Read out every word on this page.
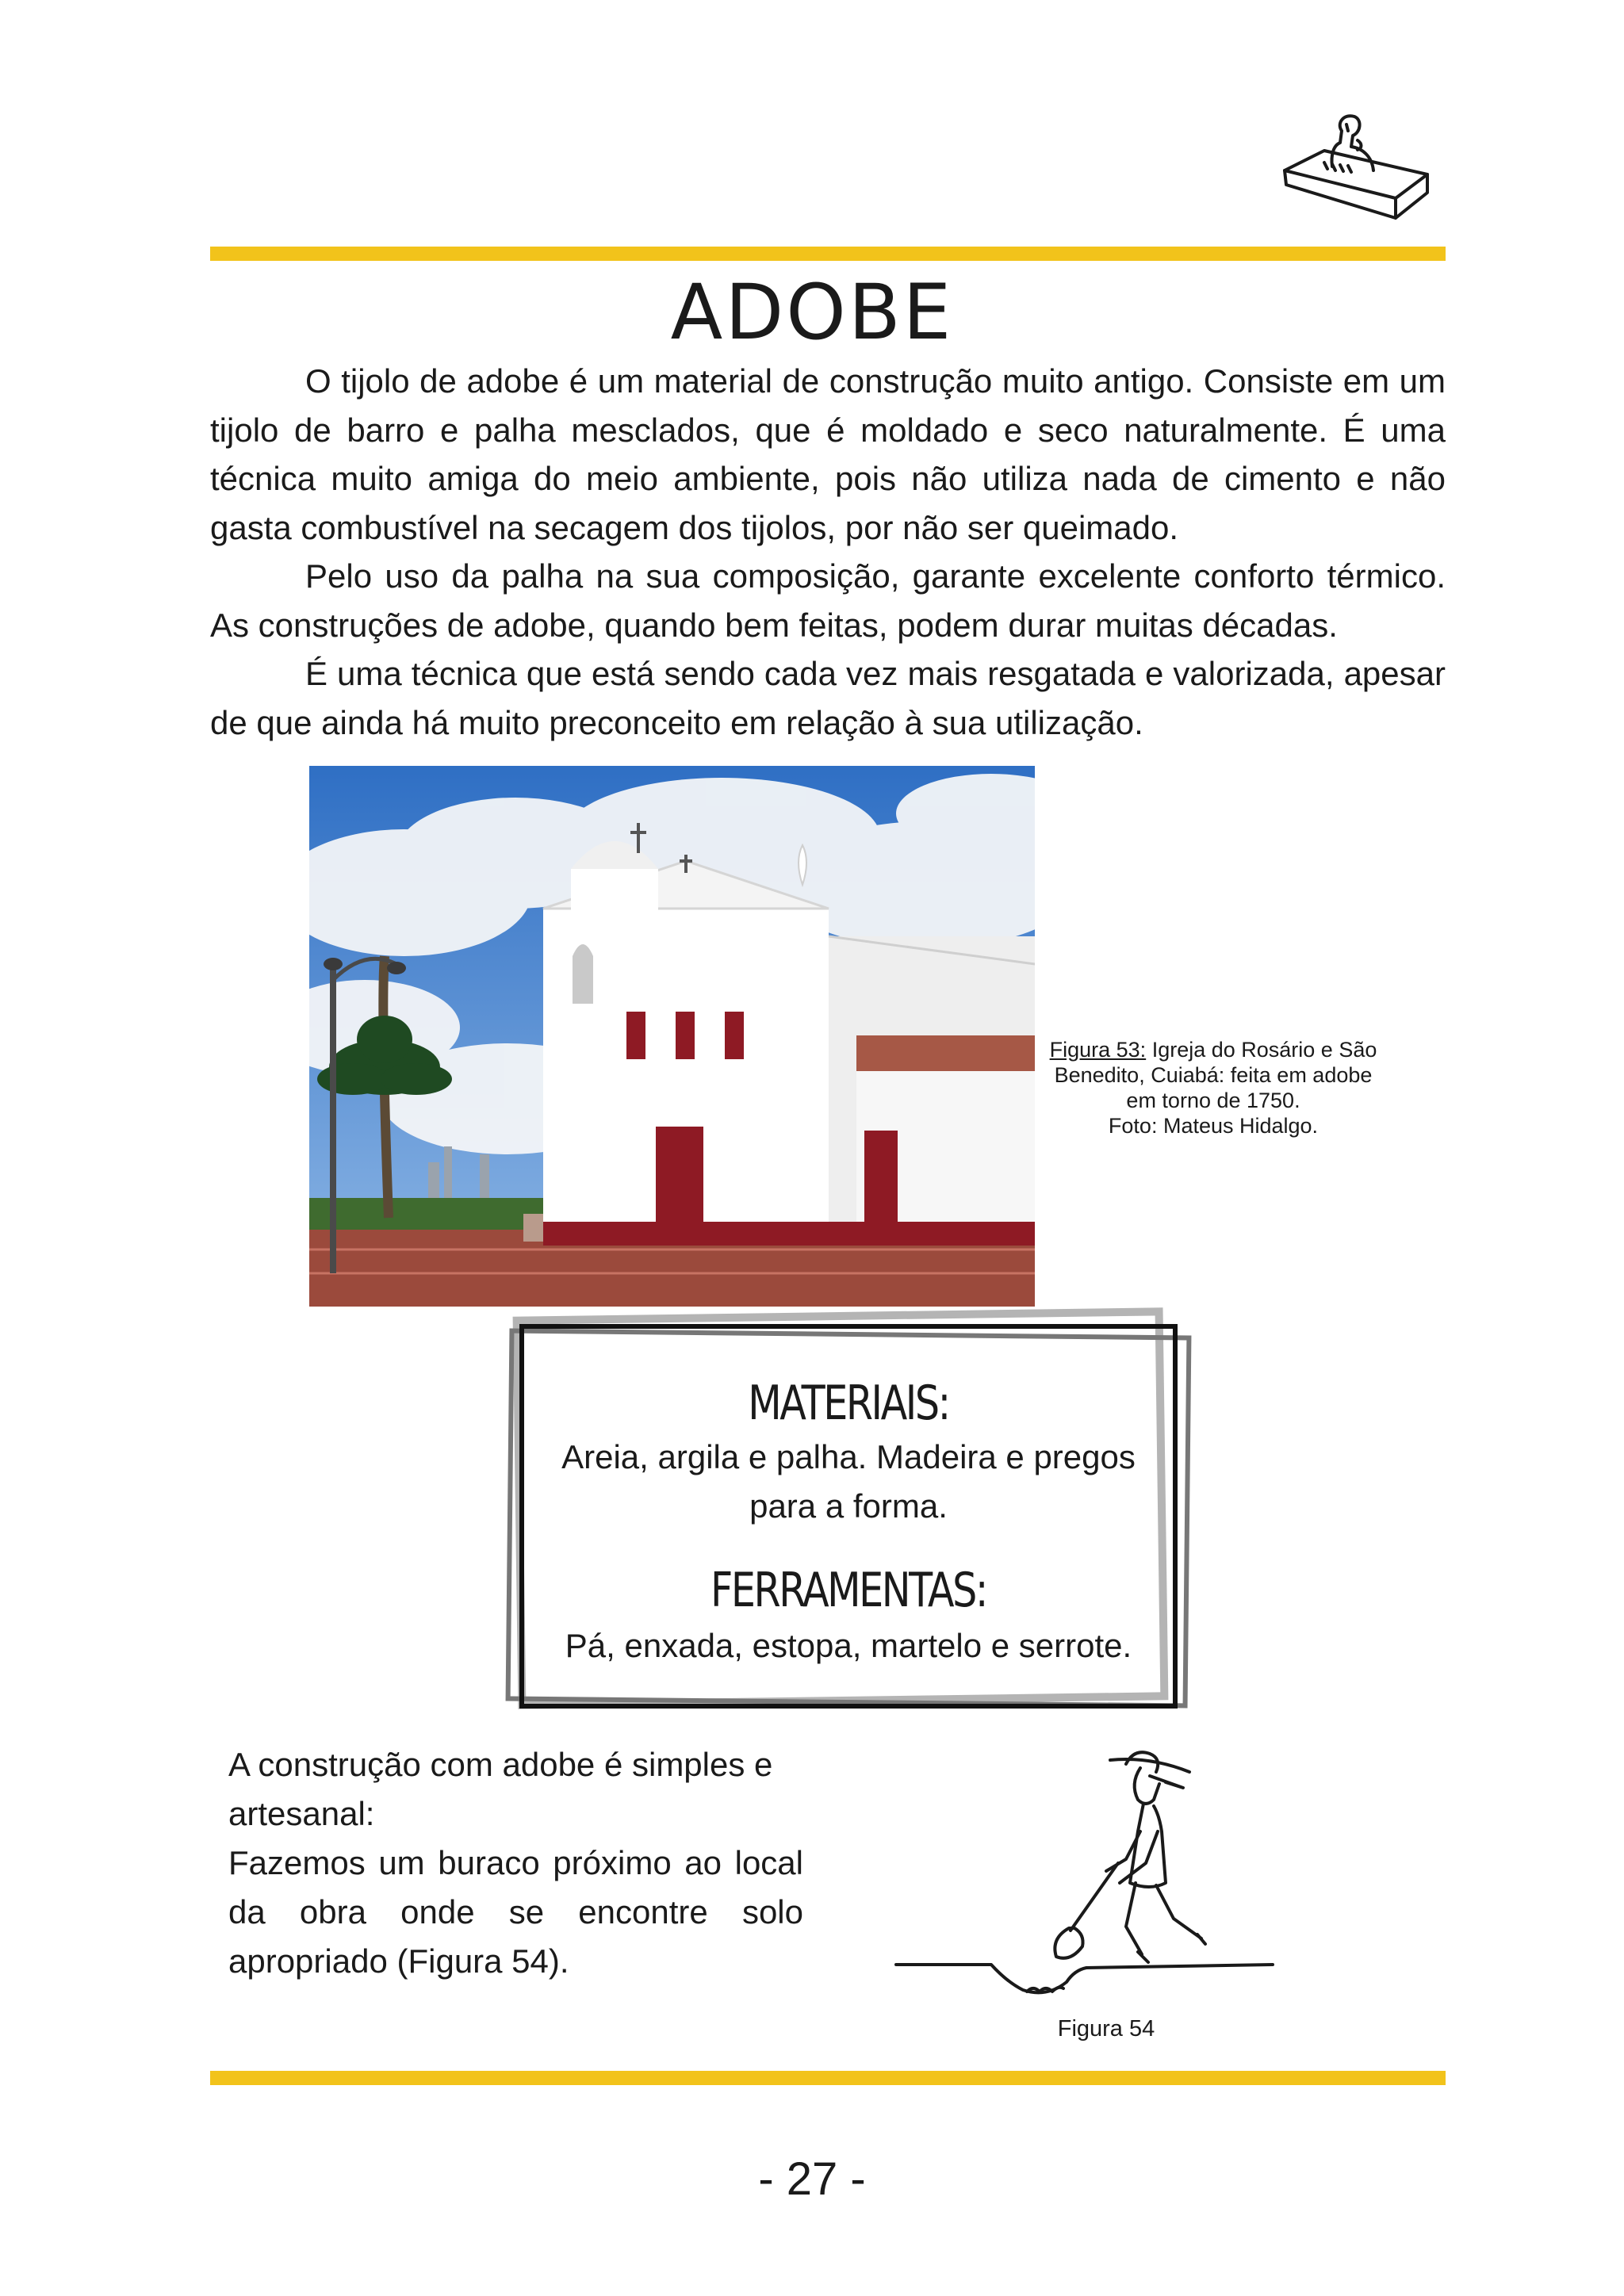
ADOBE

O tijolo de adobe é um material de construção muito antigo. Consiste em um tijolo de barro e palha mesclados, que é moldado e seco naturalmente. É uma técnica muito amiga do meio ambiente, pois não utiliza nada de cimento e não gasta combustível na secagem dos tijolos, por não ser queimado.

Pelo uso da palha na sua composição, garante excelente conforto térmico. As construções de adobe, quando bem feitas, podem durar muitas décadas.

É uma técnica que está sendo cada vez mais resgatada e valorizada, apesar de que ainda há muito preconceito em relação à sua utilização.

Figura 53: Igreja do Rosário e São Benedito, Cuiabá: feita em adobe em torno de 1750.
Foto: Mateus Hidalgo.
MATERIAIS:

Areia, argila e palha. Madeira e pregos para a forma.

FERRAMENTAS:

Pá, enxada, estopa, martelo e serrote.

A construção com adobe é simples e artesanal:

Fazemos um buraco próximo ao local da obra onde se encontre solo apropriado (Figura 54).

Figura 54
- 27 -
